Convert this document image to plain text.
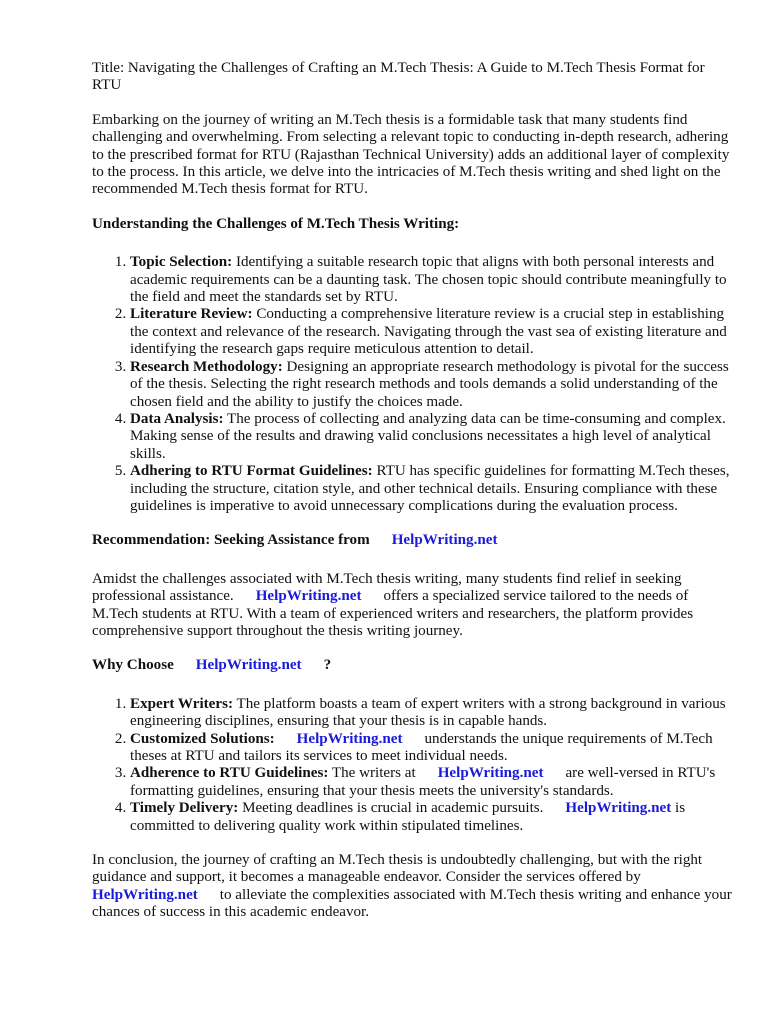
Title: Navigating the Challenges of Crafting an M.Tech Thesis: A Guide to M.Tech Thesis Format for RTU

Embarking on the journey of writing an M.Tech thesis is a formidable task that many students find challenging and overwhelming. From selecting a relevant topic to conducting in-depth research, adhering to the prescribed format for RTU (Rajasthan Technical University) adds an additional layer of complexity to the process. In this article, we delve into the intricacies of M.Tech thesis writing and shed light on the recommended M.Tech thesis format for RTU.

Understanding the Challenges of M.Tech Thesis Writing:
1. Topic Selection: Identifying a suitable research topic that aligns with both personal interests and academic requirements can be a daunting task. The chosen topic should contribute meaningfully to the field and meet the standards set by RTU.
2. Literature Review: Conducting a comprehensive literature review is a crucial step in establishing the context and relevance of the research. Navigating through the vast sea of existing literature and identifying the research gaps require meticulous attention to detail.
3. Research Methodology: Designing an appropriate research methodology is pivotal for the success of the thesis. Selecting the right research methods and tools demands a solid understanding of the chosen field and the ability to justify the choices made.
4. Data Analysis: The process of collecting and analyzing data can be time-consuming and complex. Making sense of the results and drawing valid conclusions necessitates a high level of analytical skills.
5. Adhering to RTU Format Guidelines: RTU has specific guidelines for formatting M.Tech theses, including the structure, citation style, and other technical details. Ensuring compliance with these guidelines is imperative to avoid unnecessary complications during the evaluation process.
Recommendation: Seeking Assistance from HelpWriting.net

Amidst the challenges associated with M.Tech thesis writing, many students find relief in seeking professional assistance. HelpWriting.net offers a specialized service tailored to the needs of M.Tech students at RTU. With a team of experienced writers and researchers, the platform provides comprehensive support throughout the thesis writing journey.

Why Choose HelpWriting.net ?
1. Expert Writers: The platform boasts a team of expert writers with a strong background in various engineering disciplines, ensuring that your thesis is in capable hands.
2. Customized Solutions: HelpWriting.net understands the unique requirements of M.Tech theses at RTU and tailors its services to meet individual needs.
3. Adherence to RTU Guidelines: The writers at HelpWriting.net are well-versed in RTU's formatting guidelines, ensuring that your thesis meets the university's standards.
4. Timely Delivery: Meeting deadlines is crucial in academic pursuits. HelpWriting.net is committed to delivering quality work within stipulated timelines.

In conclusion, the journey of crafting an M.Tech thesis is undoubtedly challenging, but with the right guidance and support, it becomes a manageable endeavor. Consider the services offered by HelpWriting.net to alleviate the complexities associated with M.Tech thesis writing and enhance your chances of success in this academic endeavor.
